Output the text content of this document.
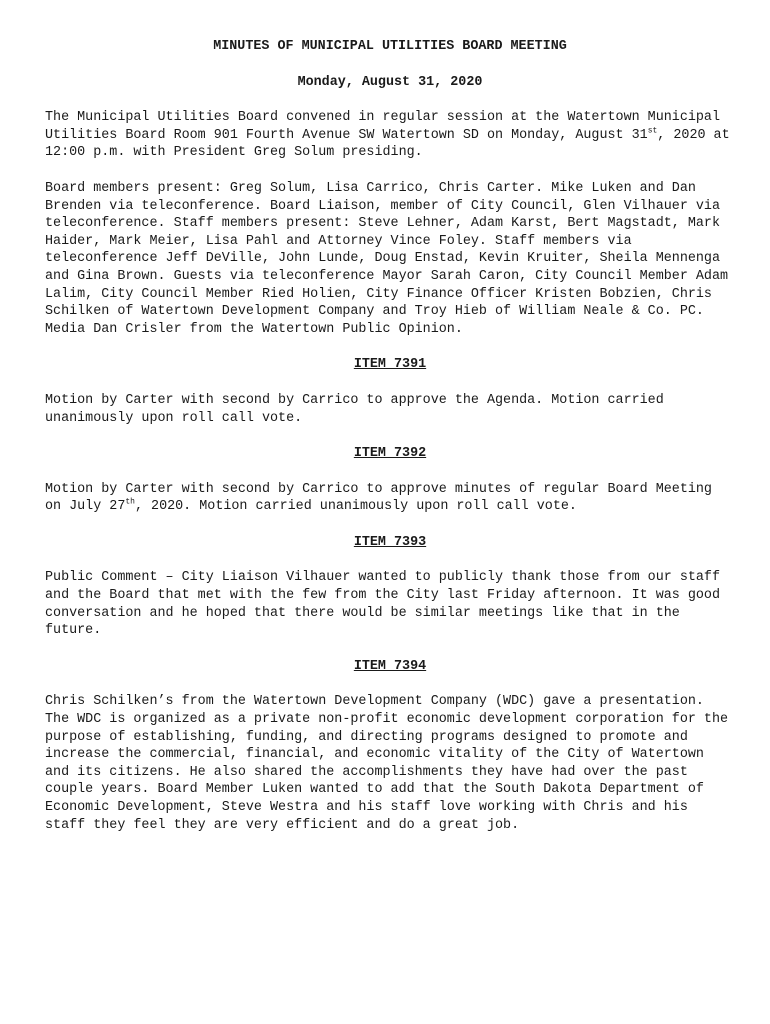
MINUTES OF MUNICIPAL UTILITIES BOARD MEETING
Monday, August 31, 2020

The Municipal Utilities Board convened in regular session at the Watertown Municipal Utilities Board Room 901 Fourth Avenue SW Watertown SD on Monday, August 31st, 2020 at 12:00 p.m. with President Greg Solum presiding.

Board members present: Greg Solum, Lisa Carrico, Chris Carter. Mike Luken and Dan Brenden via teleconference. Board Liaison, member of City Council, Glen Vilhauer via teleconference. Staff members present: Steve Lehner, Adam Karst, Bert Magstadt, Mark Haider, Mark Meier, Lisa Pahl and Attorney Vince Foley. Staff members via teleconference Jeff DeVille, John Lunde, Doug Enstad, Kevin Kruiter, Sheila Mennenga and Gina Brown. Guests via teleconference Mayor Sarah Caron, City Council Member Adam Lalim, City Council Member Ried Holien, City Finance Officer Kristen Bobzien, Chris Schilken of Watertown Development Company and Troy Hieb of William Neale & Co. PC. Media Dan Crisler from the Watertown Public Opinion.

ITEM 7391

Motion by Carter with second by Carrico to approve the Agenda. Motion carried unanimously upon roll call vote.

ITEM 7392

Motion by Carter with second by Carrico to approve minutes of regular Board Meeting on July 27th, 2020. Motion carried unanimously upon roll call vote.

ITEM 7393

Public Comment – City Liaison Vilhauer wanted to publicly thank those from our staff and the Board that met with the few from the City last Friday afternoon. It was good conversation and he hoped that there would be similar meetings like that in the future.

ITEM 7394

Chris Schilken’s from the Watertown Development Company (WDC) gave a presentation. The WDC is organized as a private non-profit economic development corporation for the purpose of establishing, funding, and directing programs designed to promote and increase the commercial, financial, and economic vitality of the City of Watertown and its citizens. He also shared the accomplishments they have had over the past couple years. Board Member Luken wanted to add that the South Dakota Department of Economic Development, Steve Westra and his staff love working with Chris and his staff they feel they are very efficient and do a great job.
